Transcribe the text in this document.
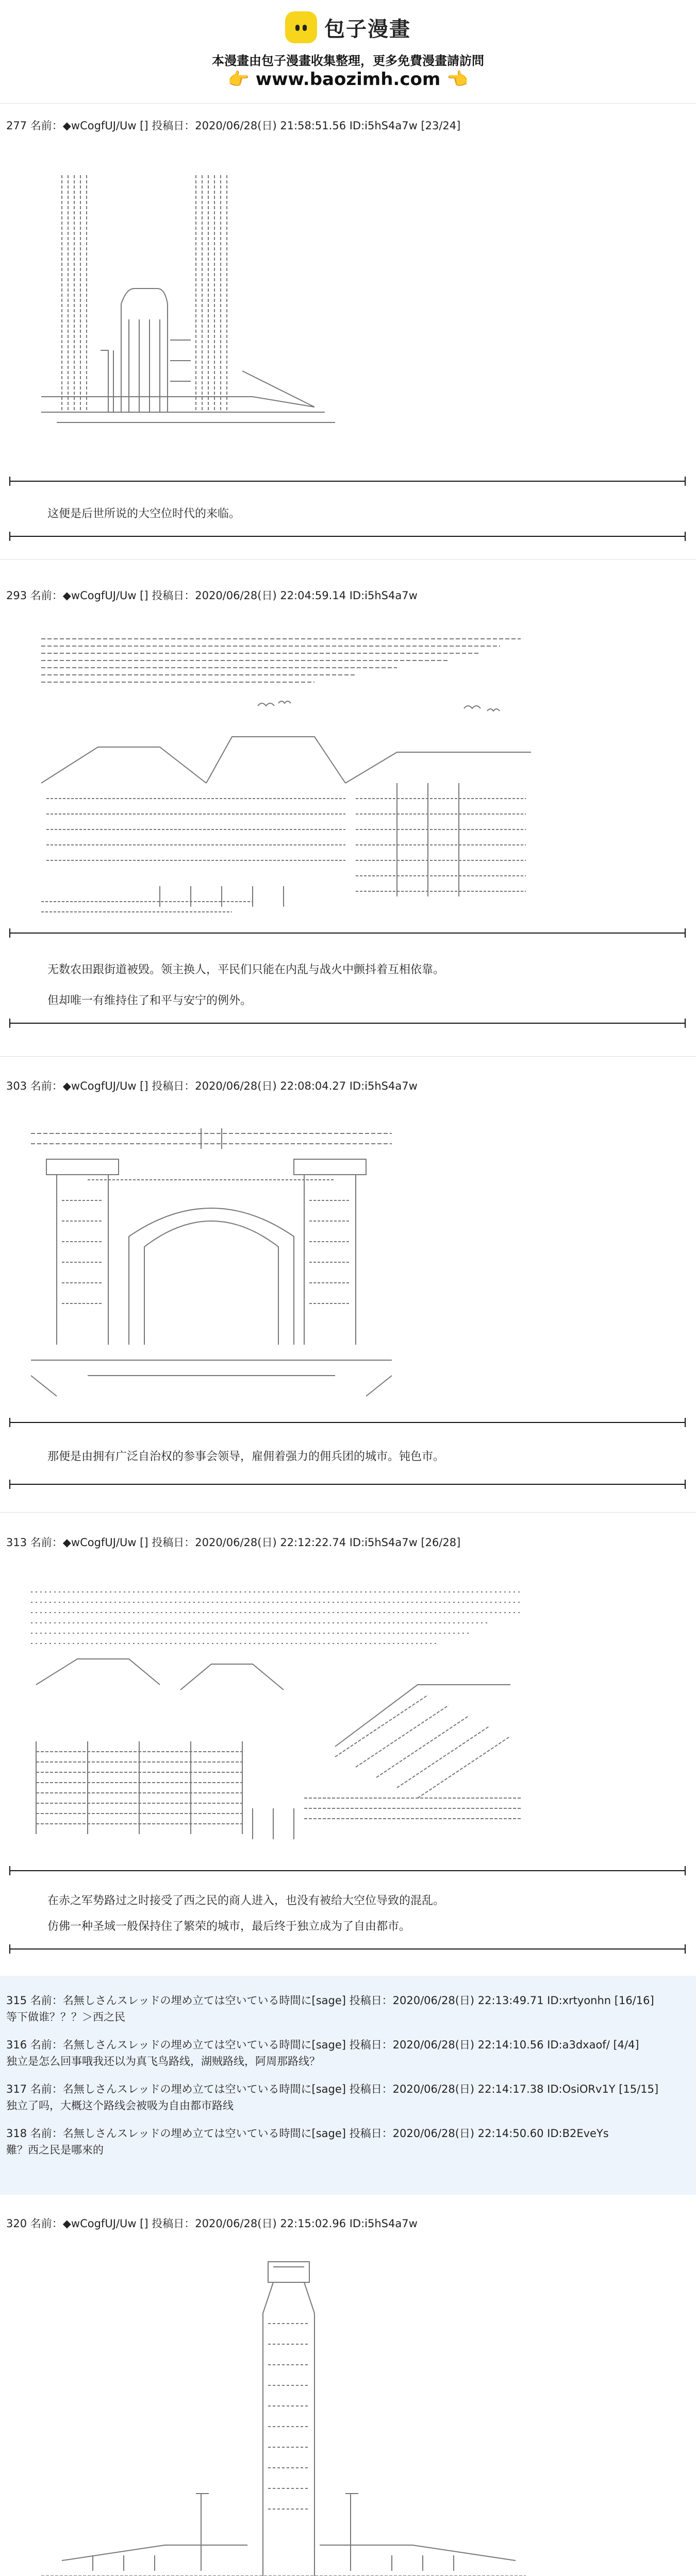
包子漫畫
本漫畫由包子漫畫收集整理，更多免費漫畫請訪問
👉 www.baozimh.com 👈
277 名前：◆wCogfUJ/Uw [] 投稿日：2020/06/28(日) 21:58:51.56 ID:i5hS4a7w [23/24]
这便是后世所说的大空位时代的来临。
293 名前：◆wCogfUJ/Uw [] 投稿日：2020/06/28(日) 22:04:59.14 ID:i5hS4a7w
无数农田跟街道被毁。领主换人，平民们只能在内乱与战火中颤抖着互相依靠。
但却唯一有维持住了和平与安宁的例外。
303 名前：◆wCogfUJ/Uw [] 投稿日：2020/06/28(日) 22:08:04.27 ID:i5hS4a7w
那便是由拥有广泛自治权的参事会领导，雇佣着强力的佣兵团的城市。钝色市。
313 名前：◆wCogfUJ/Uw [] 投稿日：2020/06/28(日) 22:12:22.74 ID:i5hS4a7w [26/28]
在赤之军势路过之时接受了西之民的商人进入，也没有被给大空位导致的混乱。
仿佛一种圣域一般保持住了繁荣的城市，最后终于独立成为了自由都市。
315 名前：名無しさんスレッドの埋め立ては空いている時間に[sage] 投稿日：2020/06/28(日) 22:13:49.71 ID:xrtyonhn [16/16]
等下做谁？？？＞西之民
316 名前：名無しさんスレッドの埋め立ては空いている時間に[sage] 投稿日：2020/06/28(日) 22:14:10.56 ID:a3dxaof/ [4/4]
独立是怎么回事哦我还以为真飞鸟路线，湖贼路线，阿周那路线？
317 名前：名無しさんスレッドの埋め立ては空いている時間に[sage] 投稿日：2020/06/28(日) 22:14:17.38 ID:OsiORv1Y [15/15]
独立了吗，大概这个路线会被吸为自由都市路线
318 名前：名無しさんスレッドの埋め立ては空いている時間に[sage] 投稿日：2020/06/28(日) 22:14:50.60 ID:B2EveYs
難？西之民是哪來的
320 名前：◆wCogfUJ/Uw [] 投稿日：2020/06/28(日) 22:15:02.96 ID:i5hS4a7w
